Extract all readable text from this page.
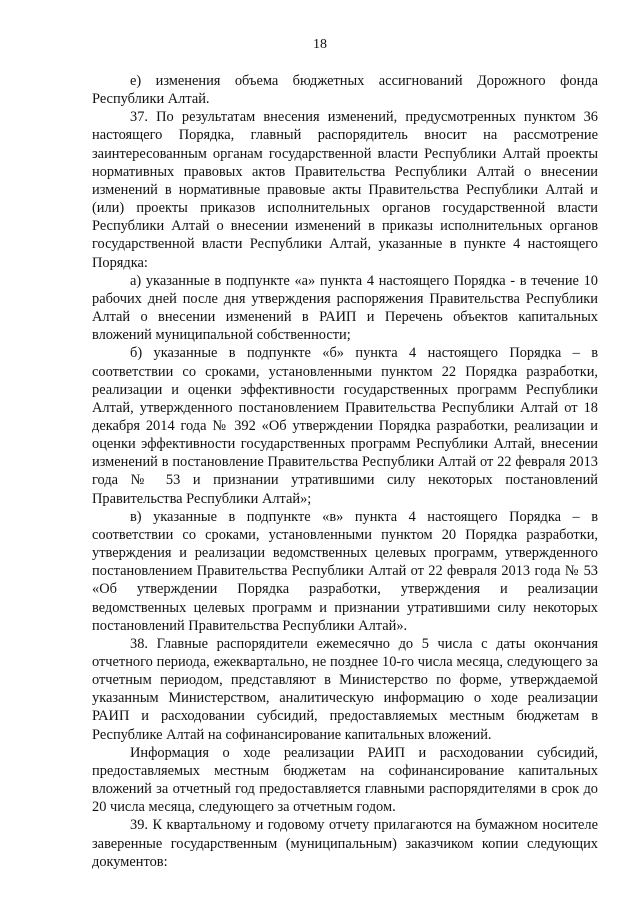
18

е) изменения объема бюджетных ассигнований Дорожного фонда Республики Алтай.

37. По результатам внесения изменений, предусмотренных пунктом 36 настоящего Порядка, главный распорядитель вносит на рассмотрение заинтересованным органам государственной власти Республики Алтай проекты нормативных правовых актов Правительства Республики Алтай о внесении изменений в нормативные правовые акты Правительства Республики Алтай и (или) проекты приказов исполнительных органов государственной власти Республики Алтай о внесении изменений в приказы исполнительных органов государственной власти Республики Алтай, указанные в пункте 4 настоящего Порядка:

а) указанные в подпункте «а» пункта 4 настоящего Порядка - в течение 10 рабочих дней после дня утверждения распоряжения Правительства Республики Алтай о внесении изменений в РАИП и Перечень объектов капитальных вложений муниципальной собственности;

б) указанные в подпункте «б» пункта 4 настоящего Порядка – в соответствии со сроками, установленными пунктом 22 Порядка разработки, реализации и оценки эффективности государственных программ Республики Алтай, утвержденного постановлением Правительства Республики Алтай от 18 декабря 2014 года № 392 «Об утверждении Порядка разработки, реализации и оценки эффективности государственных программ Республики Алтай, внесении изменений в постановление Правительства Республики Алтай от 22 февраля 2013 года № 53 и признании утратившими силу некоторых постановлений Правительства Республики Алтай»;

в) указанные в подпункте «в» пункта 4 настоящего Порядка – в соответствии со сроками, установленными пунктом 20 Порядка разработки, утверждения и реализации ведомственных целевых программ, утвержденного постановлением Правительства Республики Алтай от 22 февраля 2013 года № 53 «Об утверждении Порядка разработки, утверждения и реализации ведомственных целевых программ и признании утратившими силу некоторых постановлений Правительства Республики Алтай».

38. Главные распорядители ежемесячно до 5 числа с даты окончания отчетного периода, ежеквартально, не позднее 10-го числа месяца, следующего за отчетным периодом, представляют в Министерство по форме, утверждаемой указанным Министерством, аналитическую информацию о ходе реализации РАИП и расходовании субсидий, предоставляемых местным бюджетам в Республике Алтай на софинансирование капитальных вложений.

Информация о ходе реализации РАИП и расходовании субсидий, предоставляемых местным бюджетам на софинансирование капитальных вложений за отчетный год предоставляется главными распорядителями в срок до 20 числа месяца, следующего за отчетным годом.

39. К квартальному и годовому отчету прилагаются на бумажном носителе заверенные государственным (муниципальным) заказчиком копии следующих документов:
